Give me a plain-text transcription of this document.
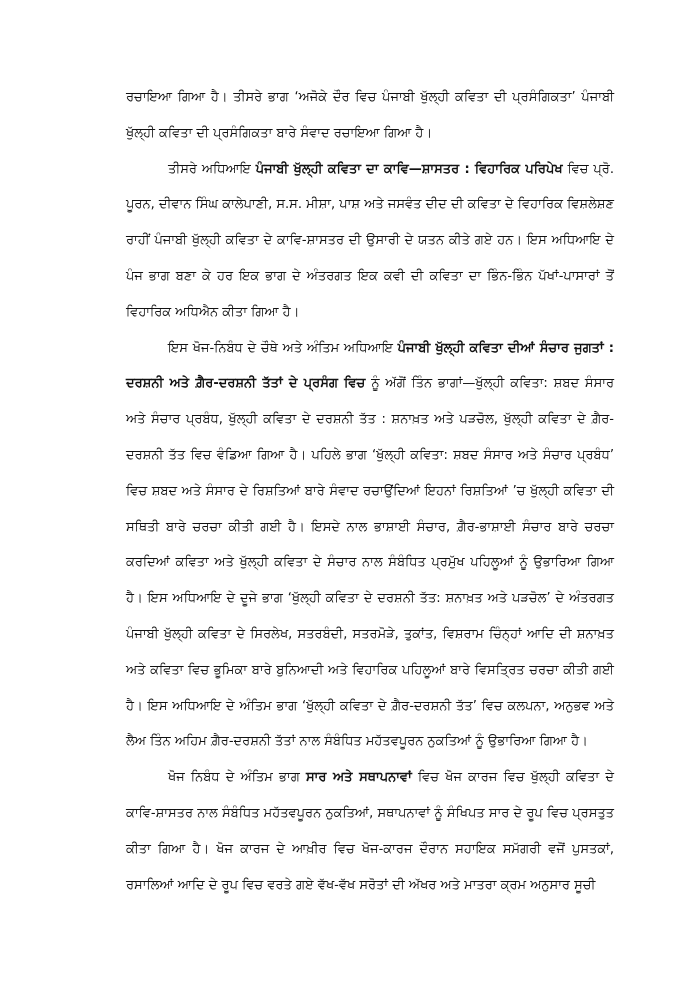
ਰਚਾਇਆ ਗਿਆ ਹੈ। ਤੀਸਰੇ ਭਾਗ ‘ਅਜੋਕੇ ਦੌਰ ਵਿਚ ਪੰਜਾਬੀ ਖੁੱਲ੍ਹੀ ਕਵਿਤਾ ਦੀ ਪ੍ਰਸੰਗਿਕਤਾ’ ਪੰਜਾਬੀ ਖੁੱਲ੍ਹੀ ਕਵਿਤਾ ਦੀ ਪ੍ਰਸੰਗਿਕਤਾ ਬਾਰੇ ਸੰਵਾਦ ਰਚਾਇਆ ਗਿਆ ਹੈ।

ਤੀਸਰੇ ਅਧਿਆਇ ਪੰਜਾਬੀ ਖੁੱਲ੍ਹੀ ਕਵਿਤਾ ਦਾ ਕਾਵਿ—ਸ਼ਾਸਤਰ : ਵਿਹਾਰਿਕ ਪਰਿਪੇਖ ਵਿਚ ਪ੍ਰੋ. ਪੂਰਨ, ਦੀਵਾਨ ਸਿੰਘ ਕਾਲੇਪਾਣੀ, ਸ.ਸ. ਮੀਸ਼ਾ, ਪਾਸ਼ ਅਤੇ ਜਸਵੰਤ ਦੀਦ ਦੀ ਕਵਿਤਾ ਦੇ ਵਿਹਾਰਿਕ ਵਿਸ਼ਲੇਸ਼ਣ ਰਾਹੀਂ ਪੰਜਾਬੀ ਖੁੱਲ੍ਹੀ ਕਵਿਤਾ ਦੇ ਕਾਵਿ-ਸ਼ਾਸਤਰ ਦੀ ਉਸਾਰੀ ਦੇ ਯਤਨ ਕੀਤੇ ਗਏ ਹਨ। ਇਸ ਅਧਿਆਇ ਦੇ ਪੰਜ ਭਾਗ ਬਣਾ ਕੇ ਹਰ ਇਕ ਭਾਗ ਦੇ ਅੰਤਰਗਤ ਇਕ ਕਵੀ ਦੀ ਕਵਿਤਾ ਦਾ ਭਿੰਨ-ਭਿੰਨ ਪੱਖਾਂ-ਪਾਸਾਰਾਂ ਤੋਂ ਵਿਹਾਰਿਕ ਅਧਿਐਨ ਕੀਤਾ ਗਿਆ ਹੈ।

ਇਸ ਖੋਜ-ਨਿਬੰਧ ਦੇ ਚੌਥੇ ਅਤੇ ਅੰਤਿਮ ਅਧਿਆਇ ਪੰਜਾਬੀ ਖੁੱਲ੍ਹੀ ਕਵਿਤਾ ਦੀਆਂ ਸੰਚਾਰ ਜੁਗਤਾਂ : ਦਰਸ਼ਨੀ ਅਤੇ ਗ਼ੈਰ-ਦਰਸ਼ਨੀ ਤੱਤਾਂ ਦੇ ਪ੍ਰਸੰਗ ਵਿਚ ਨੂੰ ਅੱਗੋਂ ਤਿੰਨ ਭਾਗਾਂ—ਖੁੱਲ੍ਹੀ ਕਵਿਤਾ: ਸ਼ਬਦ ਸੰਸਾਰ ਅਤੇ ਸੰਚਾਰ ਪ੍ਰਬੰਧ, ਖੁੱਲ੍ਹੀ ਕਵਿਤਾ ਦੇ ਦਰਸ਼ਨੀ ਤੱਤ : ਸ਼ਨਾਖ਼ਤ ਅਤੇ ਪੜਚੋਲ, ਖੁੱਲ੍ਹੀ ਕਵਿਤਾ ਦੇ ਗ਼ੈਰ-ਦਰਸ਼ਨੀ ਤੱਤ ਵਿਚ ਵੰਡਿਆ ਗਿਆ ਹੈ। ਪਹਿਲੇ ਭਾਗ ‘ਖੁੱਲ੍ਹੀ ਕਵਿਤਾ: ਸ਼ਬਦ ਸੰਸਾਰ ਅਤੇ ਸੰਚਾਰ ਪ੍ਰਬੰਧ’ ਵਿਚ ਸ਼ਬਦ ਅਤੇ ਸੰਸਾਰ ਦੇ ਰਿਸ਼ਤਿਆਂ ਬਾਰੇ ਸੰਵਾਦ ਰਚਾਉਂਦਿਆਂ ਇਹਨਾਂ ਰਿਸ਼ਤਿਆਂ ’ਚ ਖੁੱਲ੍ਹੀ ਕਵਿਤਾ ਦੀ ਸਥਿਤੀ ਬਾਰੇ ਚਰਚਾ ਕੀਤੀ ਗਈ ਹੈ। ਇਸਦੇ ਨਾਲ ਭਾਸ਼ਾਈ ਸੰਚਾਰ, ਗ਼ੈਰ-ਭਾਸ਼ਾਈ ਸੰਚਾਰ ਬਾਰੇ ਚਰਚਾ ਕਰਦਿਆਂ ਕਵਿਤਾ ਅਤੇ ਖੁੱਲ੍ਹੀ ਕਵਿਤਾ ਦੇ ਸੰਚਾਰ ਨਾਲ ਸੰਬੰਧਿਤ ਪ੍ਰਮੁੱਖ ਪਹਿਲੂਆਂ ਨੂੰ ਉਭਾਰਿਆ ਗਿਆ ਹੈ। ਇਸ ਅਧਿਆਇ ਦੇ ਦੂਜੇ ਭਾਗ ‘ਖੁੱਲ੍ਹੀ ਕਵਿਤਾ ਦੇ ਦਰਸ਼ਨੀ ਤੱਤ: ਸ਼ਨਾਖ਼ਤ ਅਤੇ ਪੜਚੋਲ’ ਦੇ ਅੰਤਰਗਤ ਪੰਜਾਬੀ ਖੁੱਲ੍ਹੀ ਕਵਿਤਾ ਦੇ ਸਿਰਲੇਖ, ਸਤਰਬੰਦੀ, ਸਤਰਮੋੜੇ, ਤੁਕਾਂਤ, ਵਿਸ਼ਰਾਮ ਚਿੰਨ੍ਹਾਂ ਆਦਿ ਦੀ ਸ਼ਨਾਖ਼ਤ ਅਤੇ ਕਵਿਤਾ ਵਿਚ ਭੂਮਿਕਾ ਬਾਰੇ ਬੁਨਿਆਦੀ ਅਤੇ ਵਿਹਾਰਿਕ ਪਹਿਲੂਆਂ ਬਾਰੇ ਵਿਸਤ੍ਰਿਤ ਚਰਚਾ ਕੀਤੀ ਗਈ ਹੈ। ਇਸ ਅਧਿਆਇ ਦੇ ਅੰਤਿਮ ਭਾਗ ‘ਖੁੱਲ੍ਹੀ ਕਵਿਤਾ ਦੇ ਗ਼ੈਰ-ਦਰਸ਼ਨੀ ਤੱਤ’ ਵਿਚ ਕਲਪਨਾ, ਅਨੁਭਵ ਅਤੇ ਲੈਅ ਤਿੰਨ ਅਹਿਮ ਗ਼ੈਰ-ਦਰਸ਼ਨੀ ਤੱਤਾਂ ਨਾਲ ਸੰਬੰਧਿਤ ਮਹੱਤਵਪੂਰਨ ਨੁਕਤਿਆਂ ਨੂੰ ਉਭਾਰਿਆ ਗਿਆ ਹੈ।

ਖੋਜ ਨਿਬੰਧ ਦੇ ਅੰਤਿਮ ਭਾਗ ਸਾਰ ਅਤੇ ਸਥਾਪਨਾਵਾਂ ਵਿਚ ਖੋਜ ਕਾਰਜ ਵਿਚ ਖੁੱਲ੍ਹੀ ਕਵਿਤਾ ਦੇ ਕਾਵਿ-ਸ਼ਾਸਤਰ ਨਾਲ ਸੰਬੰਧਿਤ ਮਹੱਤਵਪੂਰਨ ਨੁਕਤਿਆਂ, ਸਥਾਪਨਾਵਾਂ ਨੂੰ ਸੰਖਿਪਤ ਸਾਰ ਦੇ ਰੂਪ ਵਿਚ ਪ੍ਰਸਤੁਤ ਕੀਤਾ ਗਿਆ ਹੈ। ਖੋਜ ਕਾਰਜ ਦੇ ਆਖ਼ੀਰ ਵਿਚ ਖੋਜ-ਕਾਰਜ ਦੌਰਾਨ ਸਹਾਇਕ ਸਮੱਗਰੀ ਵਜੋਂ ਪੁਸਤਕਾਂ, ਰਸਾਲਿਆਂ ਆਦਿ ਦੇ ਰੂਪ ਵਿਚ ਵਰਤੇ ਗਏ ਵੱਖ-ਵੱਖ ਸਰੋਤਾਂ ਦੀ ਅੱਖਰ ਅਤੇ ਮਾਤਰਾ ਕ੍ਰਮ ਅਨੁਸਾਰ ਸੂਚੀ
